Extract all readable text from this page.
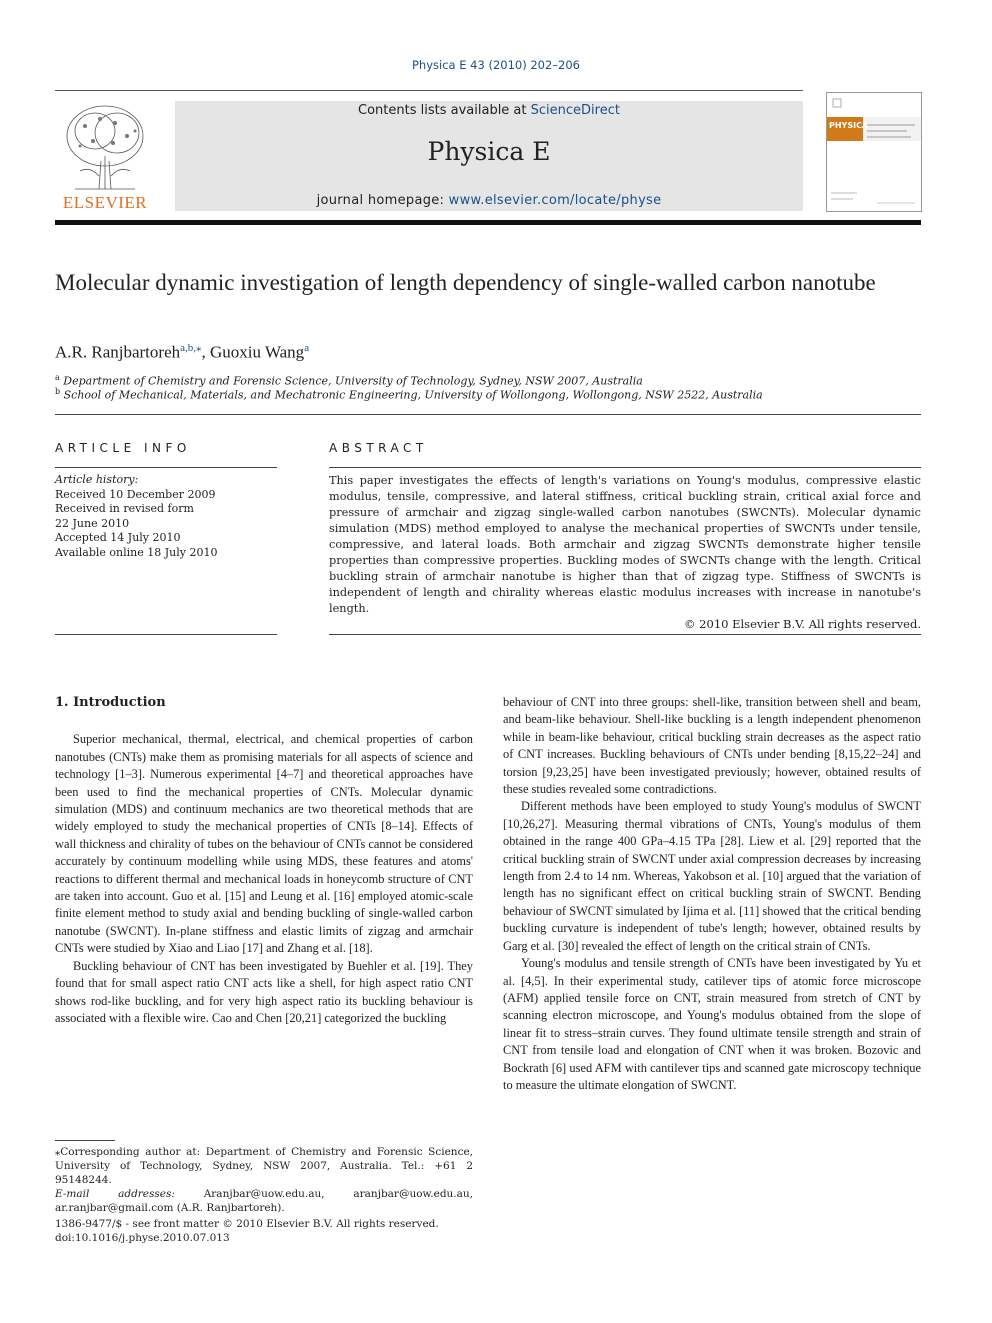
Physica E 43 (2010) 202–206
ELSEVIER
Contents lists available at ScienceDirect
Physica E
journal homepage: www.elsevier.com/locate/physe
PHYSICA
Molecular dynamic investigation of length dependency of single-walled carbon nanotube
A.R. Ranjbartoreh$^{a,b,⁎}$, Guoxiu Wang$^a$
$^a$ Department of Chemistry and Forensic Science, University of Technology, Sydney, NSW 2007, Australia
$^b$ School of Mechanical, Materials, and Mechatronic Engineering, University of Wollongong, Wollongong, NSW 2522, Australia
ARTICLE INFO
Article history:
Received 10 December 2009
Received in revised form
22 June 2010
Accepted 14 July 2010
Available online 18 July 2010
ABSTRACT
This paper investigates the effects of length's variations on Young's modulus, compressive elastic modulus, tensile, compressive, and lateral stiffness, critical buckling strain, critical axial force and pressure of armchair and zigzag single-walled carbon nanotubes (SWCNTs). Molecular dynamic simulation (MDS) method employed to analyse the mechanical properties of SWCNTs under tensile, compressive, and lateral loads. Both armchair and zigzag SWCNTs demonstrate higher tensile properties than compressive properties. Buckling modes of SWCNTs change with the length. Critical buckling strain of armchair nanotube is higher than that of zigzag type. Stiffness of SWCNTs is independent of length and chirality whereas elastic modulus increases with increase in nanotube's length.
© 2010 Elsevier B.V. All rights reserved.
1. Introduction

Superior mechanical, thermal, electrical, and chemical properties of carbon nanotubes (CNTs) make them as promising materials for all aspects of science and technology [1–3]. Numerous experimental [4–7] and theoretical approaches have been used to find the mechanical properties of CNTs. Molecular dynamic simulation (MDS) and continuum mechanics are two theoretical methods that are widely employed to study the mechanical properties of CNTs [8–14]. Effects of wall thickness and chirality of tubes on the behaviour of CNTs cannot be considered accurately by continuum modelling while using MDS, these features and atoms' reactions to different thermal and mechanical loads in honeycomb structure of CNT are taken into account. Guo et al. [15] and Leung et al. [16] employed atomic-scale finite element method to study axial and bending buckling of single-walled carbon nanotube (SWCNT). In-plane stiffness and elastic limits of zigzag and armchair CNTs were studied by Xiao and Liao [17] and Zhang et al. [18].

Buckling behaviour of CNT has been investigated by Buehler et al. [19]. They found that for small aspect ratio CNT acts like a shell, for high aspect ratio CNT shows rod-like buckling, and for very high aspect ratio its buckling behaviour is associated with a flexible wire. Cao and Chen [20,21] categorized the buckling

behaviour of CNT into three groups: shell-like, transition between shell and beam, and beam-like behaviour. Shell-like buckling is a length independent phenomenon while in beam-like behaviour, critical buckling strain decreases as the aspect ratio of CNT increases. Buckling behaviours of CNTs under bending [8,15,22–24] and torsion [9,23,25] have been investigated previously; however, obtained results of these studies revealed some contradictions.

Different methods have been employed to study Young's modulus of SWCNT [10,26,27]. Measuring thermal vibrations of CNTs, Young's modulus of them obtained in the range 400 GPa–4.15 TPa [28]. Liew et al. [29] reported that the critical buckling strain of SWCNT under axial compression decreases by increasing length from 2.4 to 14 nm. Whereas, Yakobson et al. [10] argued that the variation of length has no significant effect on critical buckling strain of SWCNT. Bending behaviour of SWCNT simulated by Ijima et al. [11] showed that the critical bending buckling curvature is independent of tube's length; however, obtained results by Garg et al. [30] revealed the effect of length on the critical strain of CNTs.

Young's modulus and tensile strength of CNTs have been investigated by Yu et al. [4,5]. In their experimental study, catilever tips of atomic force microscope (AFM) applied tensile force on CNT, strain measured from stretch of CNT by scanning electron microscope, and Young's modulus obtained from the slope of linear fit to stress–strain curves. They found ultimate tensile strength and strain of CNT from tensile load and elongation of CNT when it was broken. Bozovic and Bockrath [6] used AFM with cantilever tips and scanned gate microscopy technique to measure the ultimate elongation of SWCNT.

⁎Corresponding author at: Department of Chemistry and Forensic Science, University of Technology, Sydney, NSW 2007, Australia. Tel.: +61 2 95148244.
E-mail addresses: Aranjbar@uow.edu.au, aranjbar@uow.edu.au, ar.ranjbar@gmail.com (A.R. Ranjbartoreh).
1386-9477/$ - see front matter © 2010 Elsevier B.V. All rights reserved.
doi:10.1016/j.physe.2010.07.013
